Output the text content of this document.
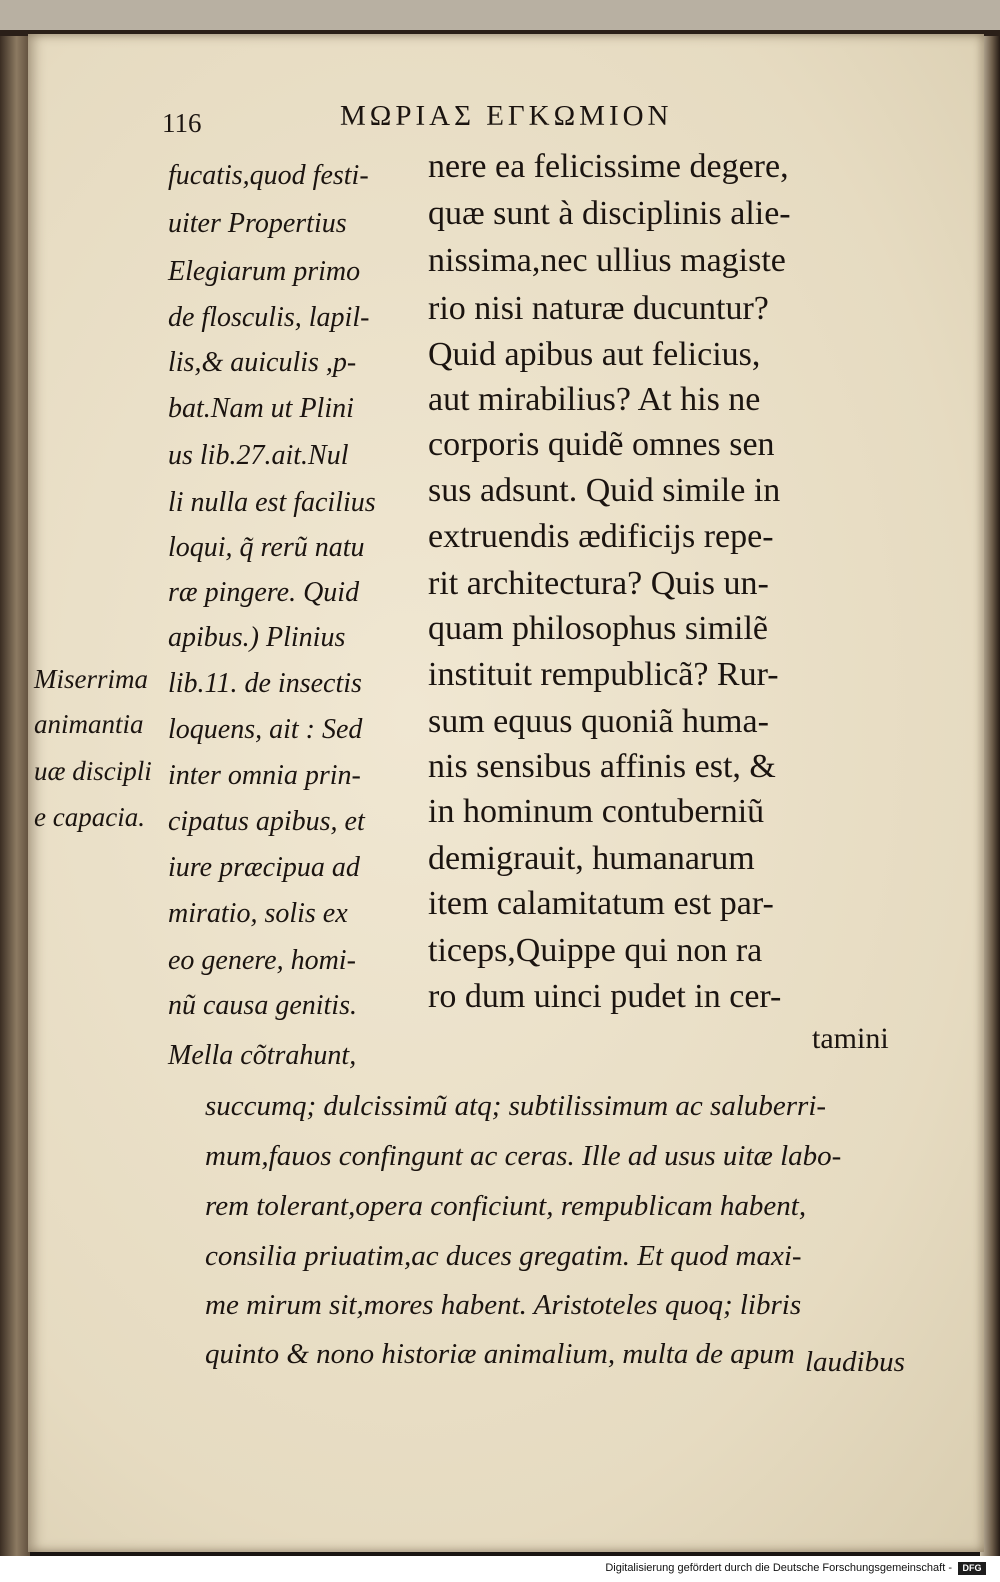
116	ΜΩΡΙΑΣ ΕΓΚΩΜΙΟΝ
fucatis,quod festi-
uiter Propertius
Elegiarum primo
de flosculis, lapil-
lis,& auiculis ,p-
bat.Nam ut Plini
us lib.27.ait.Nul
li nulla est facilius
loqui, q̃ rerũ natu
ræ pingere. Quid
apibus.) Plinius
lib.11. de insectis
loquens, ait : Sed
inter omnia prin-
cipatus apibus, et
iure præcipua ad
miratio, solis ex
eo genere, homi-
nũ causa genitis.
Mella cõtrahunt,
nere ea felicissime degere,
quæ sunt à disciplinis alie-
nissima,nec ullius magiste
rio nisi naturæ ducuntur?
Quid apibus aut felicius,
aut mirabilius? At his ne
corporis quidẽ omnes sen
sus adsunt. Quid simile in
extruendis ædificijs repe-
rit architectura? Quis un-
quam philosophus similẽ
instituit rempublicã? Rur-
sum equus quoniã huma-
nis sensibus affinis est, &
in hominum contuberniũ
demigrauit, humanarum
item calamitatum est par-
ticeps,Quippe qui non ra
ro dum uinci pudet in cer-
tamini
Miserrima
animantia
uæ discipli
e capacia.
succumq; dulcissimũ atq; subtilissimum ac saluberri-
mum,fauos confingunt ac ceras. Ille ad usus uitæ labo-
rem tolerant,opera conficiunt, rempublicam habent,
consilia priuatim,ac duces gregatim. Et quod maxi-
me mirum sit,mores habent. Aristoteles quoq; libris
quinto & nono historiæ animalium, multa de apum laudibus
Digitalisierung gefördert durch die Deutsche Forschungsgemeinschaft -	DFG
